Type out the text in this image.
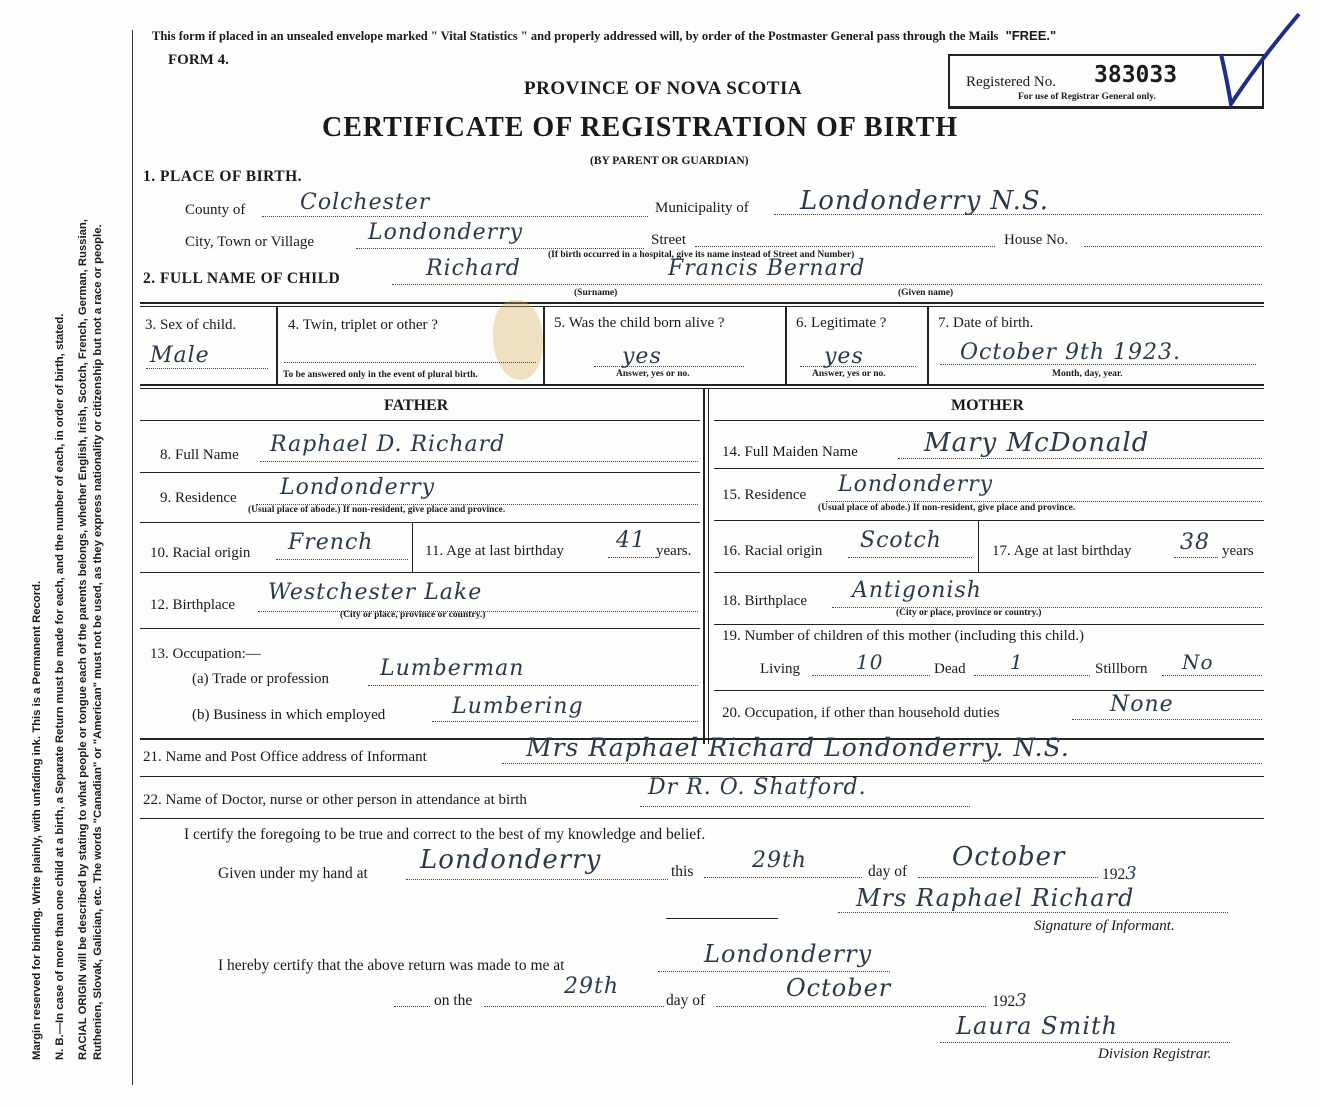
Margin reserved for binding. Write plainly, with unfading ink. This is a Permanent Record. N. B.—In case of more than one child at a birth, a Separate Return must be made for each, and the number of each, in order of birth, stated. RACIAL ORIGIN will be described by stating to what people or tongue each of the parents belongs, whether English, Irish, Scotch, French, German, Russian, Ruthenien, Slovak, Galician, etc. The words "Canadian" or "American" must not be used, as they express nationality or citizenship but not a race or people.
This form if placed in an unsealed envelope marked " Vital Statistics " and properly addressed will, by order of the Postmaster General pass through the Mails "FREE."
FORM 4.
PROVINCE OF NOVA SCOTIA
CERTIFICATE OF REGISTRATION OF BIRTH
(BY PARENT OR GUARDIAN)
Registered No. 383033
For use of Registrar General only.
1. PLACE OF BIRTH.
County of Colchester	Municipality of Londonderry N.S.
City, Town or Village Londonderry	Street
(If birth occurred in a hospital, give its name instead of Street and Number)
House No.
2. FULL NAME OF CHILD	Richard
(Surname)
Francis Bernard
(Given name)
3. Sex of child.
Male
4. Twin, triplet or other ?
To be answered only in the event of plural birth.
5. Was the child born alive ?
yes
Answer, yes or no.
6. Legitimate ?
yes
Answer, yes or no.
7. Date of birth.
October 9th 1923.
Month, day, year.
FATHER	MOTHER
8. Full Name Raphael D. Richard
9. Residence Londonderry
(Usual place of abode.) If non-resident, give place and province.
10. Racial origin French	11. Age at last birthday 41 years.
12. Birthplace Westchester Lake
(City or place, province or country.)
13. Occupation:—
(a) Trade or profession Lumberman
(b) Business in which employed	Lumbering
14. Full Maiden Name	Mary McDonald
15. Residence Londonderry
(Usual place of abode.) If non-resident, give place and province.
16. Racial origin Scotch	17. Age at last birthday 38 years
18. Birthplace Antigonish
(City or place, province or country.)
19. Number of children of this mother (including this child.)
Living	10	Dead 1	Stillborn No
20. Occupation, if other than household duties	None
21. Name and Post Office address of Informant	Mrs Raphael Richard Londonderry. N.S.
22. Name of Doctor, nurse or other person in attendance at birth	Dr R. O. Shatford.
I certify the foregoing to be true and correct to the best of my knowledge and belief.
Given under my hand at Londonderry	this	29th	day of October
1923
Mrs Raphael Richard
Signature of Informant.
I hereby certify that the above return was made to me at	Londonderry
on the
29th
day of	October	1923
Laura Smith
Division Registrar.
